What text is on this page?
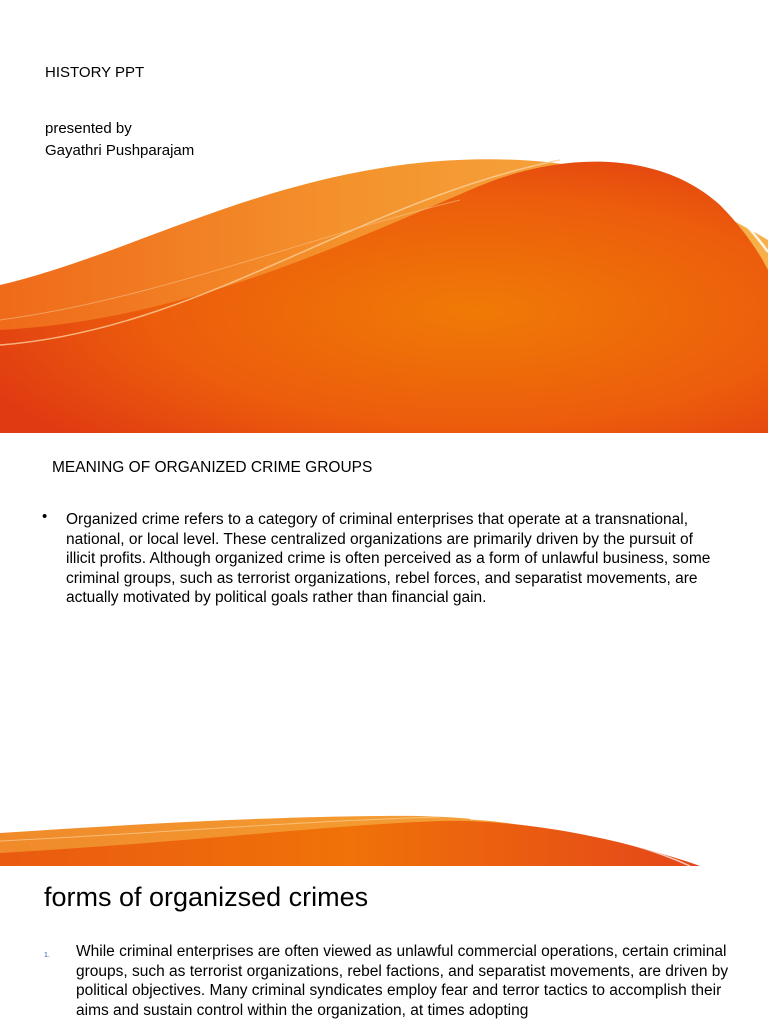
HISTORY PPT

presented by

Gayathri Pushparajam

MEANING OF ORGANIZED CRIME GROUPS

• Organized crime refers to a category of criminal enterprises that operate at a transnational, national, or local level. These centralized organizations are primarily driven by the pursuit of illicit profits. Although organized crime is often perceived as a form of unlawful business, some criminal groups, such as terrorist organizations, rebel forces, and separatist movements, are actually motivated by political goals rather than financial gain.

forms of organizsed crimes

1. While criminal enterprises are often viewed as unlawful commercial operations, certain criminal groups, such as terrorist organizations, rebel factions, and separatist movements, are driven by political objectives. Many criminal syndicates employ fear and terror tactics to accomplish their aims and sustain control within the organization, at times adopting
